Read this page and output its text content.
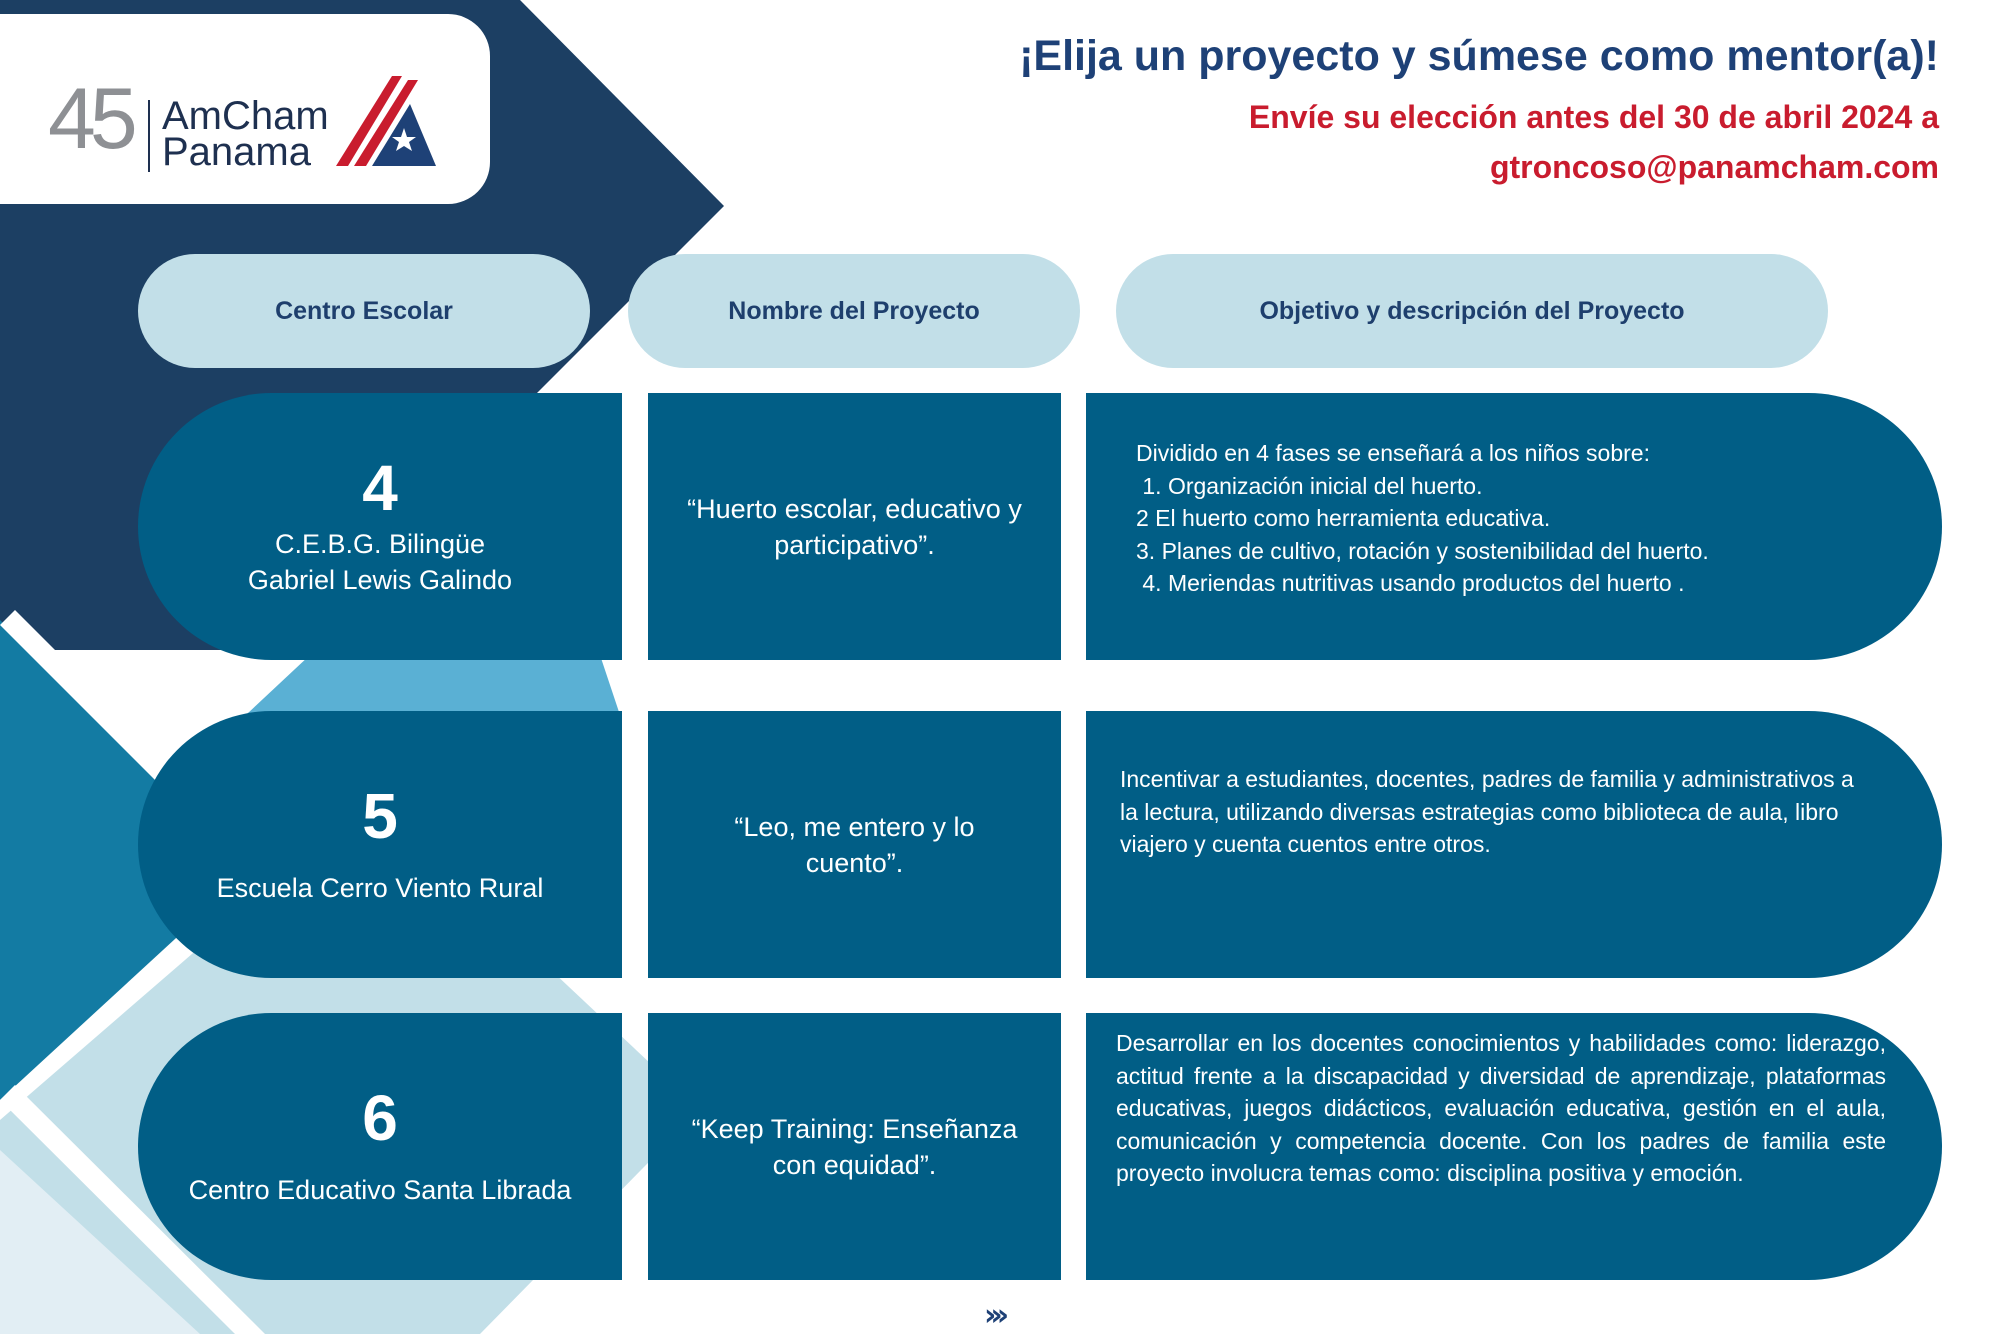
45 AmCham
Panama
¡Elija un proyecto y súmese como mentor(a)!
Envíe su elección antes del 30 de abril 2024 a gtroncoso@panamcham.com
Centro Escolar	Nombre del Proyecto	Objetivo y descripción del Proyecto
4
C.E.B.G. Bilingüe Gabriel Lewis Galindo
“Huerto escolar, educativo y participativo”.
Dividido en 4 fases se enseñará a los niños sobre:
1. Organización inicial del huerto.
2 El huerto como herramienta educativa.
3. Planes de cultivo, rotación y sostenibilidad del huerto.
4. Meriendas nutritivas usando productos del huerto .
5
Escuela Cerro Viento Rural
“Leo, me entero y lo cuento”.
Incentivar a estudiantes, docentes, padres de familia y administrativos a la lectura, utilizando diversas estrategias como biblioteca de aula, libro viajero y cuenta cuentos entre otros.
6
Centro Educativo Santa Librada
“Keep Training: Enseñanza con equidad”.
Desarrollar en los docentes conocimientos y habilidades como: liderazgo, actitud frente a la discapacidad y diversidad de aprendizaje, plataformas educativas, juegos didácticos, evaluación educativa, gestión en el aula, comunicación y competencia docente. Con los padres de familia este proyecto involucra temas como: disciplina positiva y emoción.
›››
